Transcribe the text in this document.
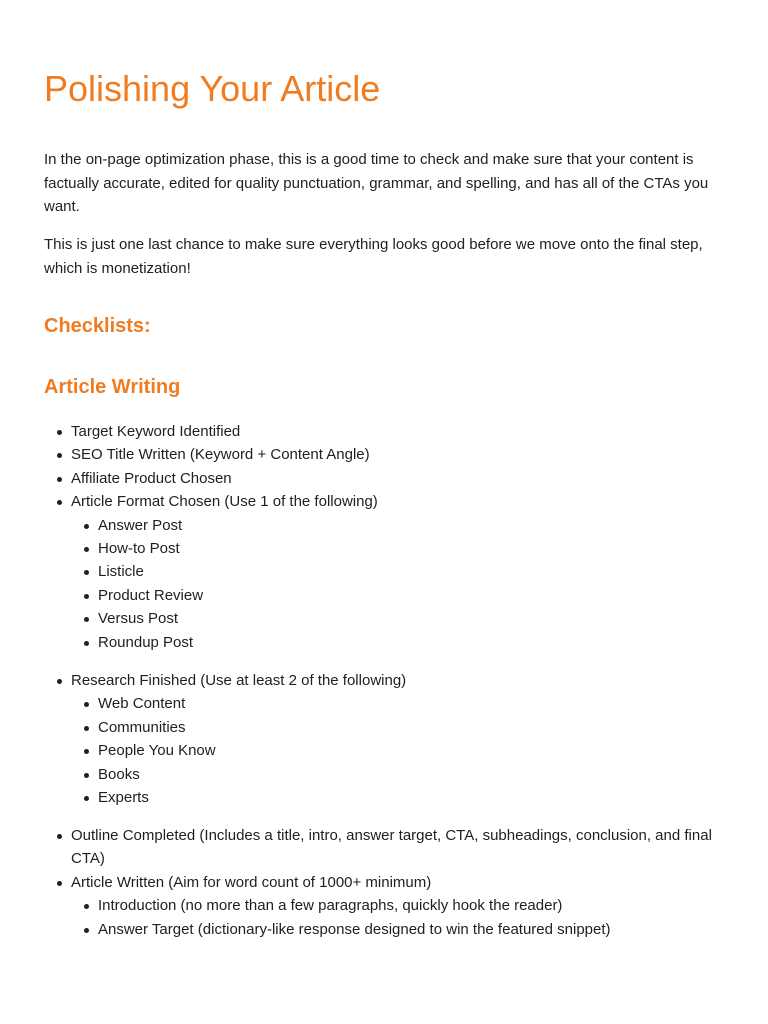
Polishing Your Article

In the on-page optimization phase, this is a good time to check and make sure that your content is factually accurate, edited for quality punctuation, grammar, and spelling, and has all of the CTAs you want.

This is just one last chance to make sure everything looks good before we move onto the final step, which is monetization!

Checklists:
Article Writing
Target Keyword Identified
SEO Title Written (Keyword + Content Angle)
Affiliate Product Chosen
Article Format Chosen (Use 1 of the following)
Answer Post
How-to Post
Listicle
Product Review
Versus Post
Roundup Post
Research Finished (Use at least 2 of the following)
Web Content
Communities
People You Know
Books
Experts
Outline Completed (Includes a title, intro, answer target, CTA, subheadings, conclusion, and final CTA)
Article Written (Aim for word count of 1000+ minimum)
Introduction (no more than a few paragraphs, quickly hook the reader)
Answer Target (dictionary-like response designed to win the featured snippet)
